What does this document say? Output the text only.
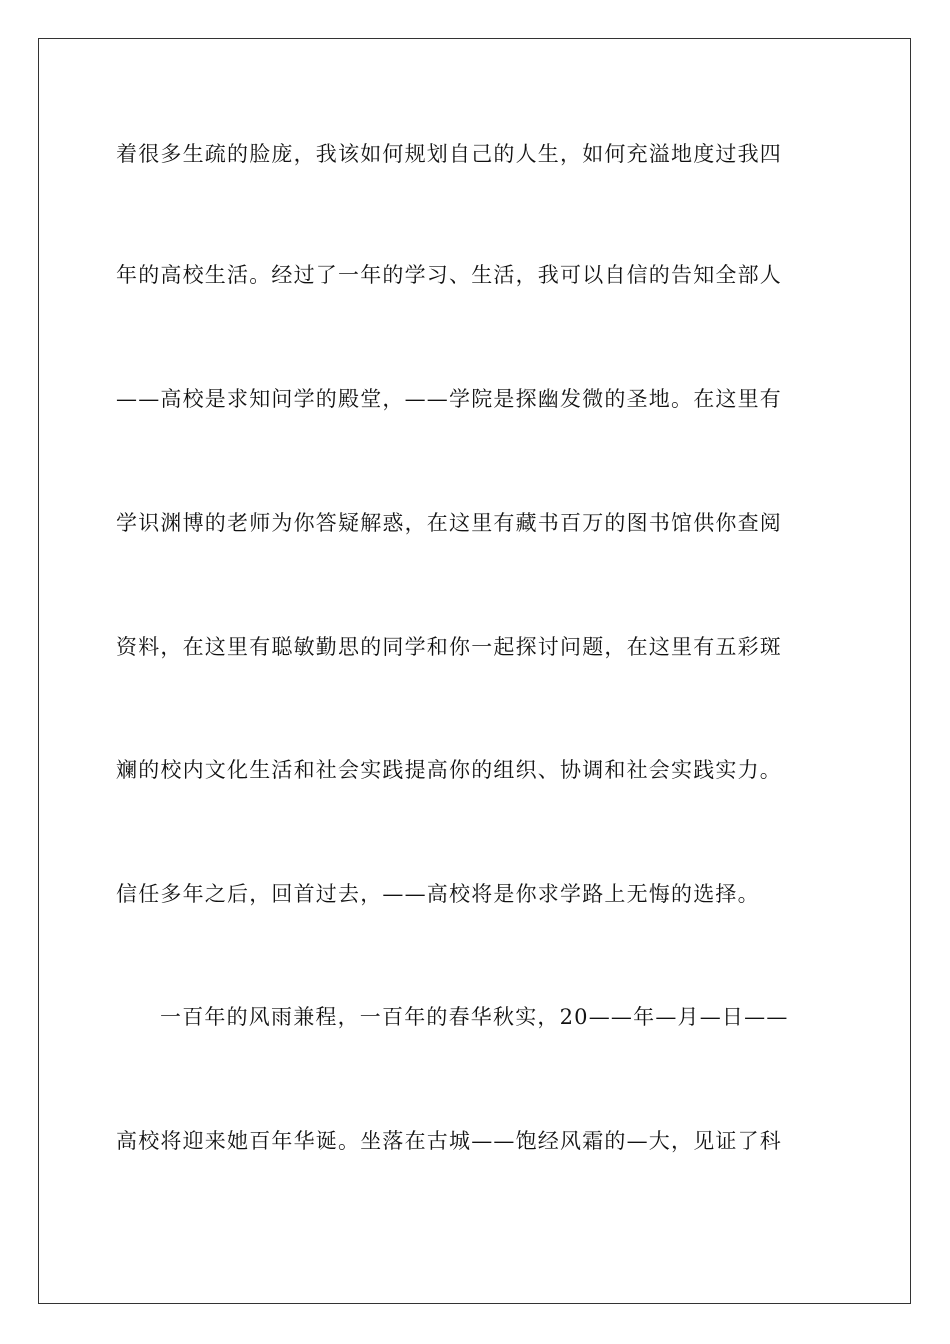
着很多生疏的脸庞，我该如何规划自己的人生，如何充溢地度过我四
年的高校生活。经过了一年的学习、生活，我可以自信的告知全部人
——高校是求知问学的殿堂，——学院是探幽发微的圣地。在这里有
学识渊博的老师为你答疑解惑，在这里有藏书百万的图书馆供你查阅
资料，在这里有聪敏勤思的同学和你一起探讨问题，在这里有五彩斑
斓的校内文化生活和社会实践提高你的组织、协调和社会实践实力。
信任多年之后，回首过去，——高校将是你求学路上无悔的选择。
一百年的风雨兼程，一百年的春华秋实，20——年—月—日——
高校将迎来她百年华诞。坐落在古城——饱经风霜的—大，见证了科
